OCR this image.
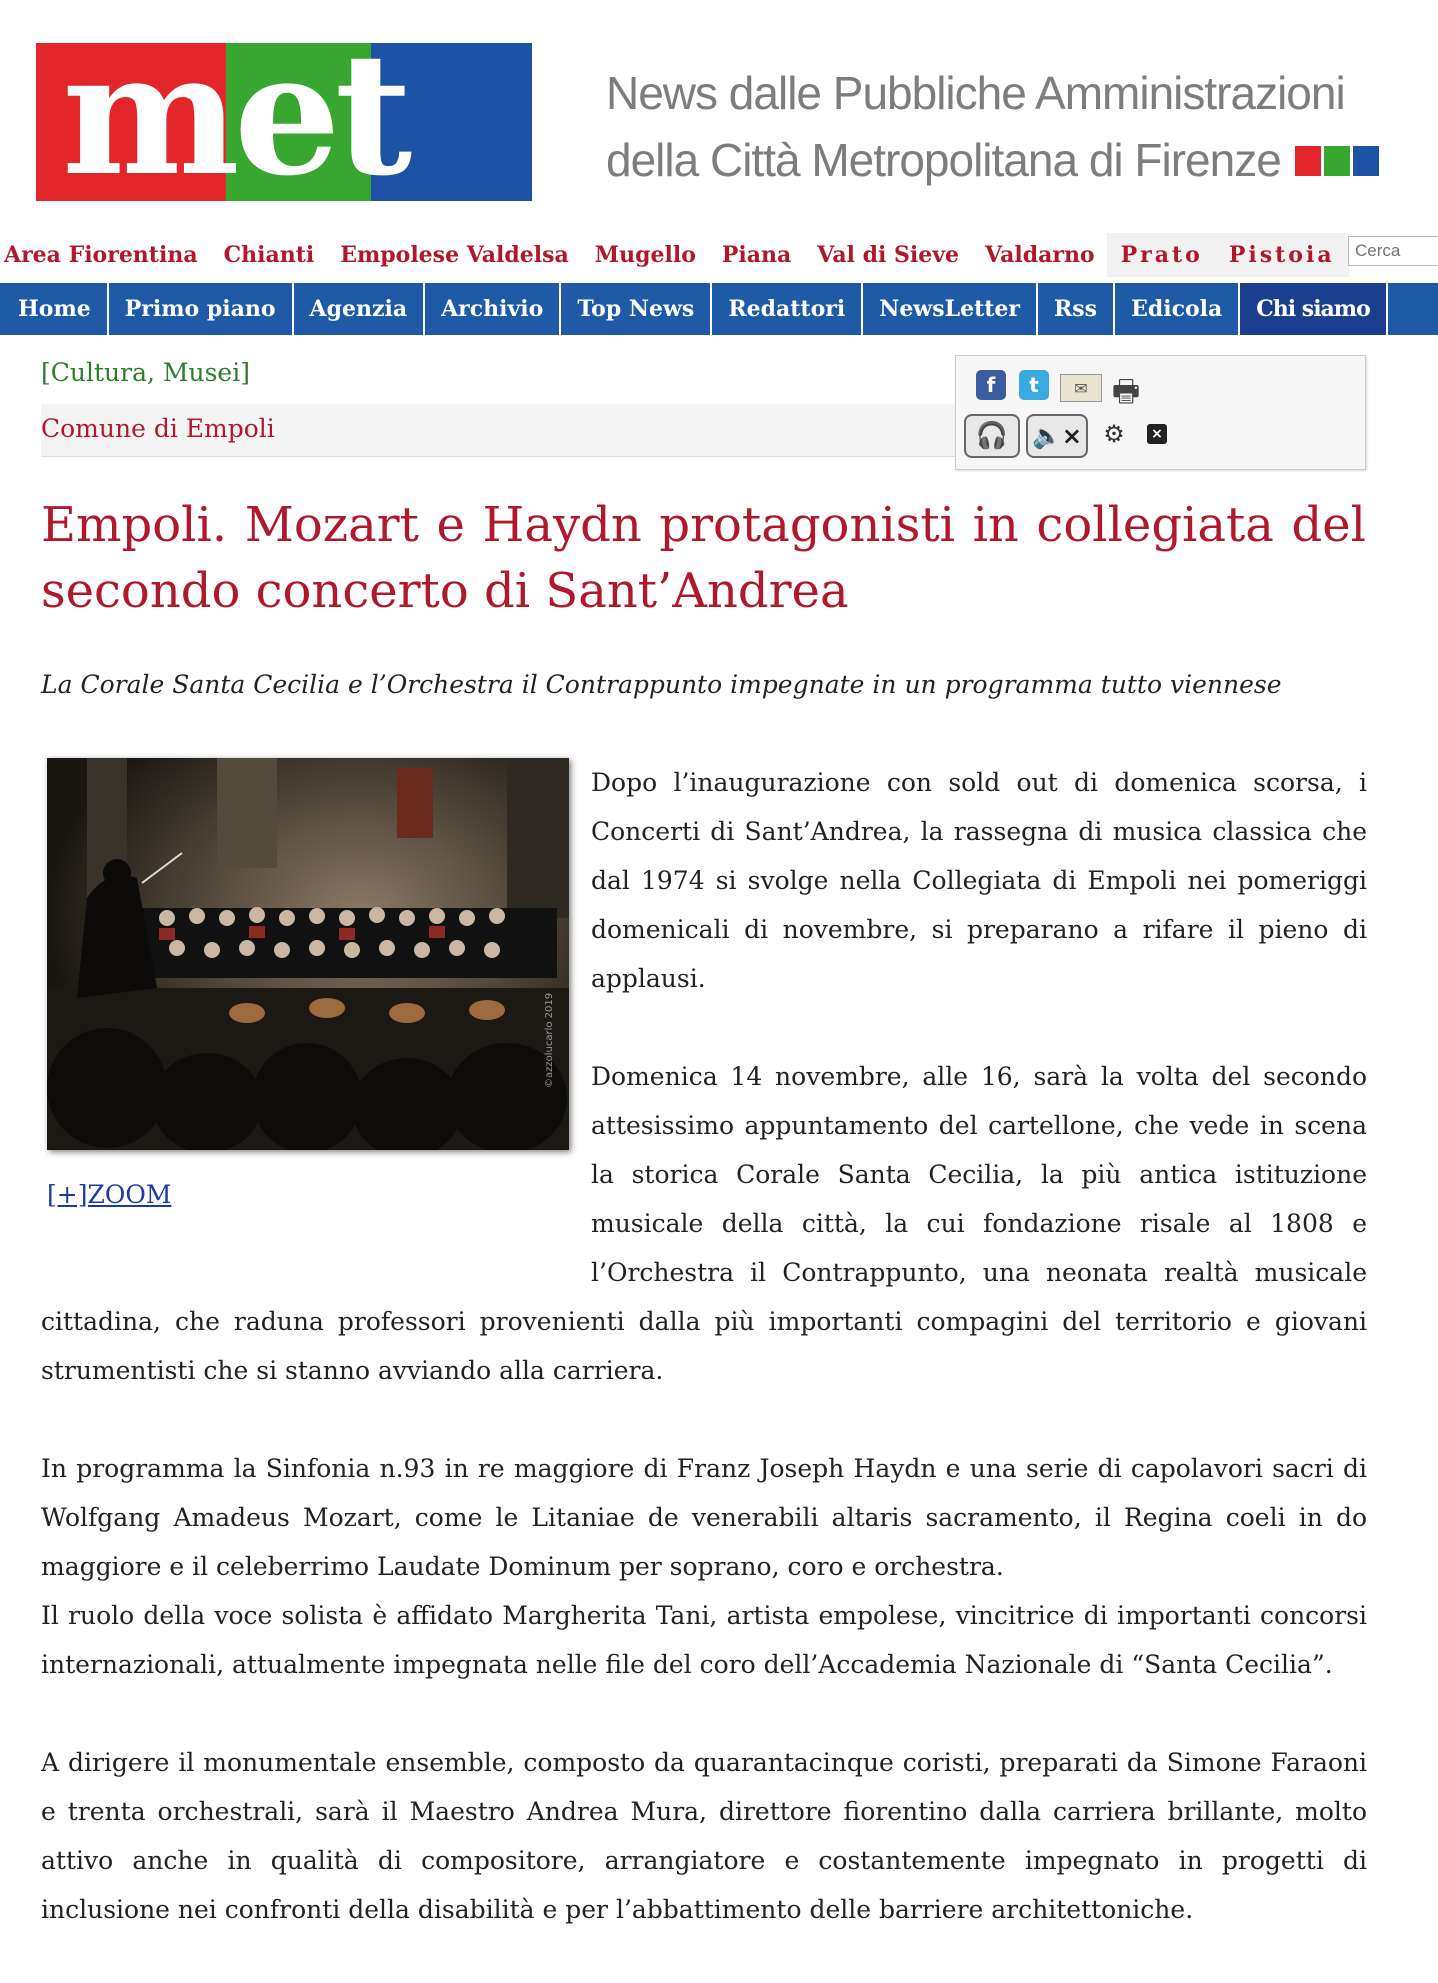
met	News dalle Pubbliche Amministrazioni
della Città Metropolitana di Firenze
Area Fiorentina Chianti Empolese Valdelsa Mugello Piana Val di Sieve Valdarno Prato Pistoia
Cerca
Home	Primo piano	Agenzia	Archivio	Top News	Redattori	NewsLetter	Rss	Edicola	Chi siamo
Comune di Empoli
[Cultura, Musei]	f	t	✉ 🖶
🎧 🔈× ⚙	×
Empoli. Mozart e Haydn protagonisti in collegiata del secondo concerto di Sant’Andrea
La Corale Santa Cecilia e l’Orchestra il Contrappunto impegnate in un programma tutto viennese
©azzolucarlo 2019
[+]ZOOM

Dopo l’inaugurazione con sold out di domenica scorsa, i Concerti di Sant’Andrea, la rassegna di musica classica che dal 1974 si svolge nella Collegiata di Empoli nei pomeriggi domenicali di novembre, si preparano a rifare il pieno di applausi.

Domenica 14 novembre, alle 16, sarà la volta del secondo attesissimo appuntamento del cartellone, che vede in scena la storica Corale Santa Cecilia, la più antica istituzione musicale della città, la cui fondazione risale al 1808 e l’Orchestra il Contrappunto, una neonata realtà musicale cittadina, che raduna professori provenienti dalla più importanti compagini del territorio e giovani strumentisti che si stanno avviando alla carriera.

In programma la Sinfonia n.93 in re maggiore di Franz Joseph Haydn e una serie di capolavori sacri di Wolfgang Amadeus Mozart, come le Litaniae de venerabili altaris sacramento, il Regina coeli in do maggiore e il celeberrimo Laudate Dominum per soprano, coro e orchestra.

Il ruolo della voce solista è affidato Margherita Tani, artista empolese, vincitrice di importanti concorsi internazionali, attualmente impegnata nelle file del coro dell’Accademia Nazionale di “Santa Cecilia”.

A dirigere il monumentale ensemble, composto da quarantacinque coristi, preparati da Simone Faraoni e trenta orchestrali, sarà il Maestro Andrea Mura, direttore fiorentino dalla carriera brillante, molto attivo anche in qualità di compositore, arrangiatore e costantemente impegnato in progetti di inclusione nei confronti della disabilità e per l’abbattimento delle barriere architettoniche.
